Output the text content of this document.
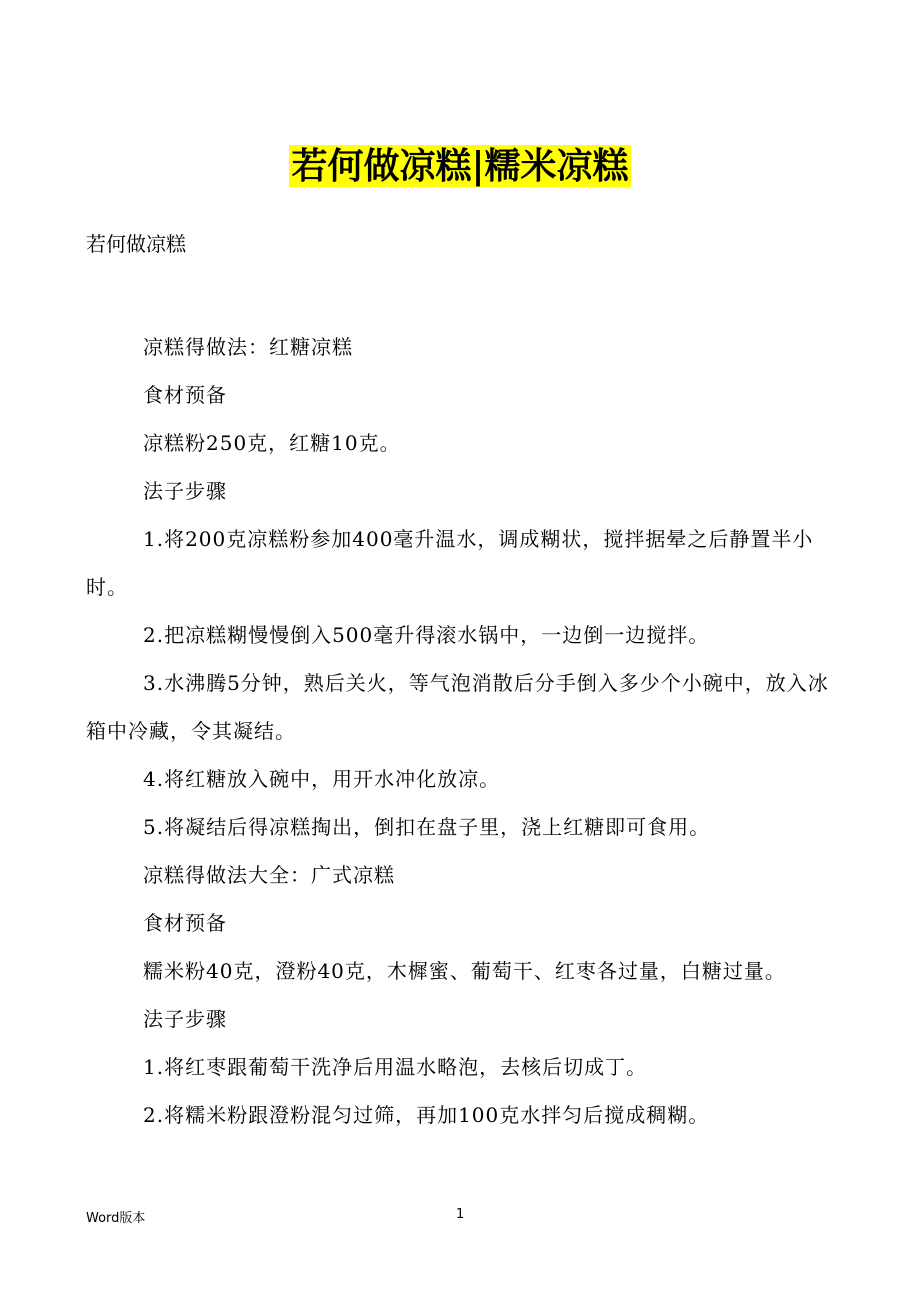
若何做凉糕|糯米凉糕
若何做凉糕

凉糕得做法：红糖凉糕

食材预备

凉糕粉250克，红糖10克。

法子步骤

1.将200克凉糕粉参加400毫升温水，调成糊状，搅拌据晕之后静置半小时。

2.把凉糕糊慢慢倒入500毫升得滚水锅中，一边倒一边搅拌。

3.水沸腾5分钟，熟后关火，等气泡消散后分手倒入多少个小碗中，放入冰箱中冷藏，令其凝结。

4.将红糖放入碗中，用开水冲化放凉。

5.将凝结后得凉糕掏出，倒扣在盘子里，浇上红糖即可食用。

凉糕得做法大全：广式凉糕

食材预备

糯米粉40克，澄粉40克，木樨蜜、葡萄干、红枣各过量，白糖过量。

法子步骤

1.将红枣跟葡萄干洗净后用温水略泡，去核后切成丁。

2.将糯米粉跟澄粉混匀过筛，再加100克水拌匀后搅成稠糊。

Word版本	1
